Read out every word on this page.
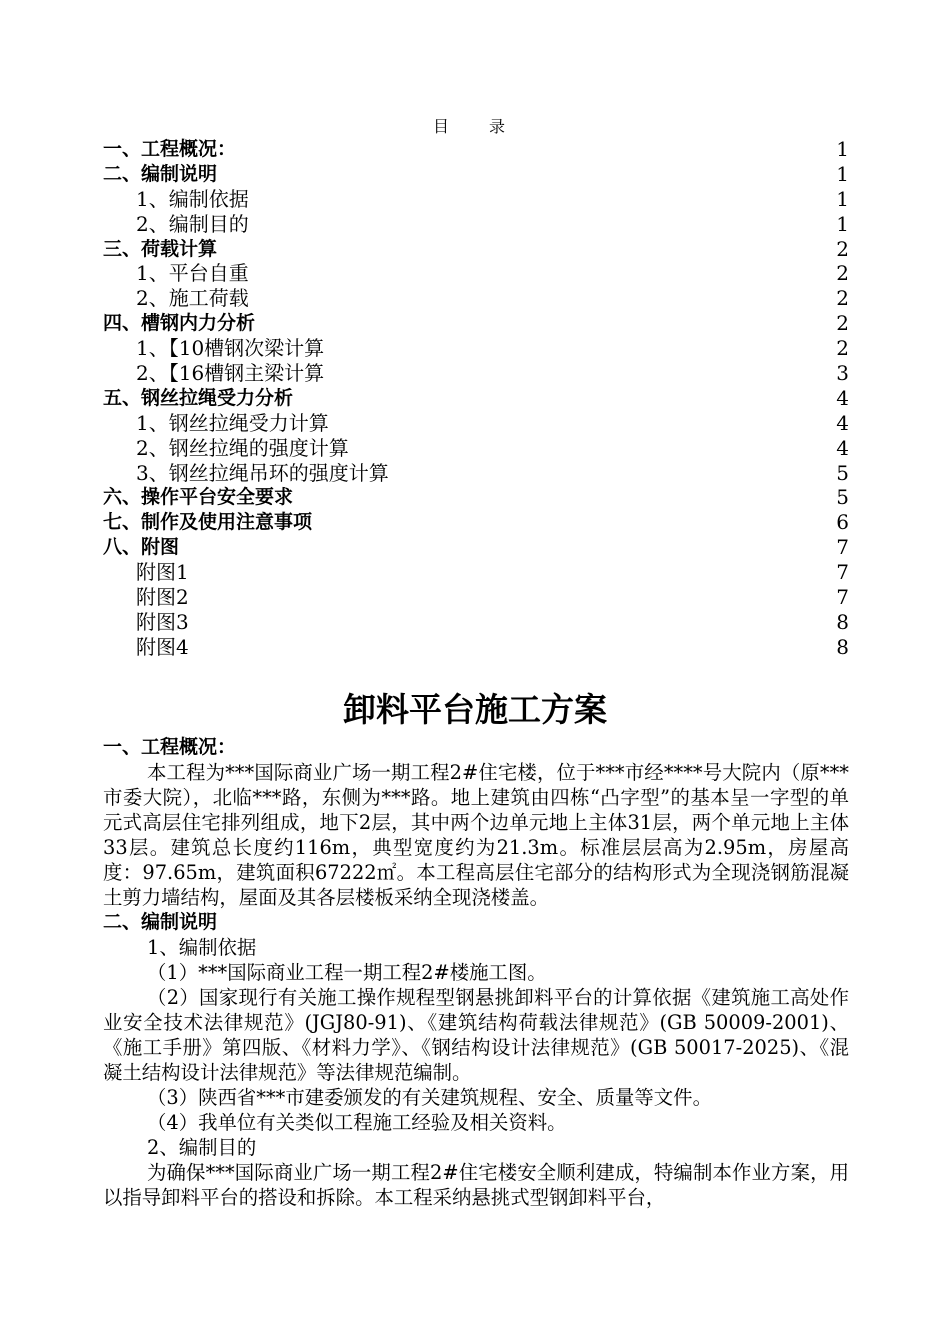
目　录
一、工程概况：	1
二、编制说明	1
1、编制依据	1
2、编制目的	1
三、荷载计算	2
1、平台自重	2
2、施工荷载	2
四、槽钢内力分析	2
1、【10槽钢次梁计算	2
2、【16槽钢主梁计算	3
五、钢丝拉绳受力分析	4
1、钢丝拉绳受力计算	4
2、钢丝拉绳的强度计算	4
3、钢丝拉绳吊环的强度计算	5
六、操作平台安全要求	5
七、制作及使用注意事项	6
八、附图	7
附图1	7
附图2	7
附图3	8
附图4	8
卸料平台施工方案
一、工程概况：

本工程为***国际商业广场一期工程2#住宅楼，位于***市经****号大院内（原***市委大院），北临***路，东侧为***路。地上建筑由四栋“凸字型”的基本呈一字型的单元式高层住宅排列组成，地下2层，其中两个边单元地上主体31层，两个单元地上主体33层。建筑总长度约116m，典型宽度约为21.3m。标准层层高为2.95m，房屋高度：97.65m，建筑面积67222㎡。本工程高层住宅部分的结构形式为全现浇钢筋混凝土剪力墙结构，屋面及其各层楼板采纳全现浇楼盖。

二、编制说明
1、编制依据

（1）***国际商业工程一期工程2#楼施工图。

（2）国家现行有关施工操作规程型钢悬挑卸料平台的计算依据《建筑施工高处作业安全技术法律规范》(JGJ80-91)、《建筑结构荷载法律规范》(GB 50009-2001)、《施工手册》第四版、《材料力学》、《钢结构设计法律规范》(GB 50017-2025)、《混凝土结构设计法律规范》等法律规范编制。

（3）陕西省***市建委颁发的有关建筑规程、安全、质量等文件。

（4）我单位有关类似工程施工经验及相关资料。

2、编制目的

为确保***国际商业广场一期工程2#住宅楼安全顺利建成，特编制本作业方案，用以指导卸料平台的搭设和拆除。本工程采纳悬挑式型钢卸料平台，
